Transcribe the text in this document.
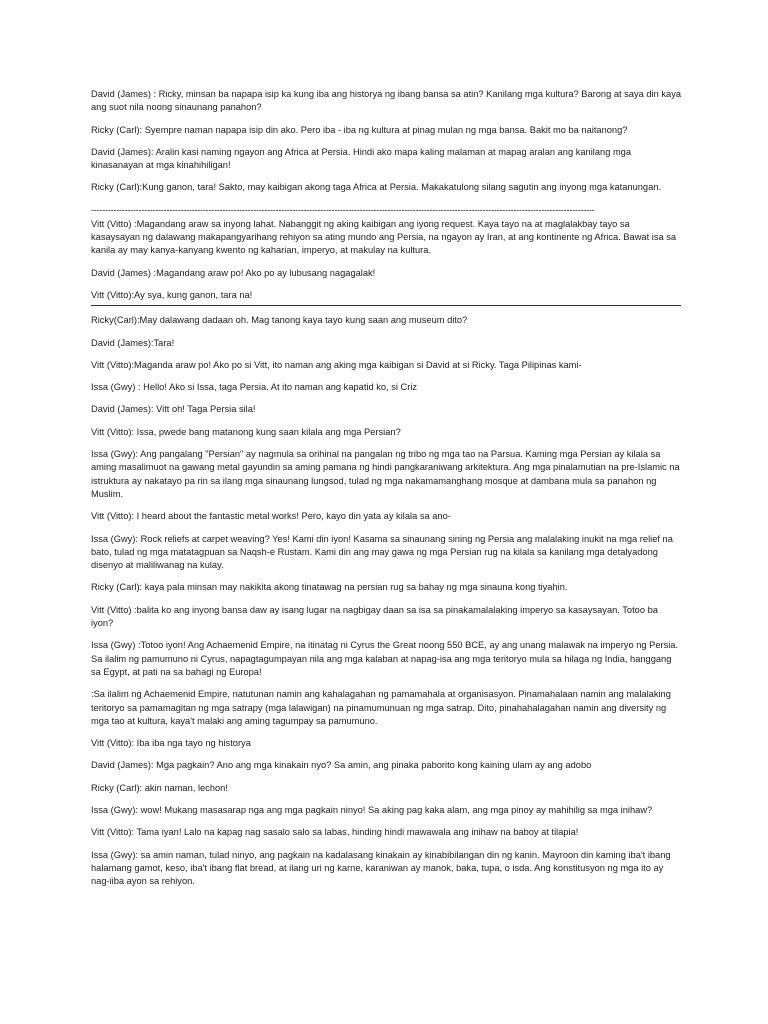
David (James) : Ricky, minsan ba napapa isip ka kung iba ang historya ng ibang bansa sa atin? Kanilang mga kultura? Barong at saya din kaya ang suot nila noong sinaunang panahon?

Ricky (Carl): Syempre naman napapa isip din ako. Pero iba - iba ng kultura at pinag mulan ng mga bansa. Bakit mo ba naitanong?

David (James): Aralin kasi naming ngayon ang Africa at Persia. Hindi ako mapa kaling malaman at mapag aralan ang kanilang mga kinasanayan at mga kinahihiligan!

Ricky (Carl):Kung ganon, tara! Sakto, may kaibigan akong taga Africa at Persia. Makakatulong silang sagutin ang inyong mga katanungan.

------------------------------------------------------------------------------------------------------------------------------------------------------------------------------------

Vitt (Vitto) :Magandang araw sa inyong lahat. Nabanggit ng aking kaibigan ang iyong request. Kaya tayo na at maglalakbay tayo sa kasaysayan ng dalawang makapangyarihang rehiyon sa ating mundo ang Persia, na ngayon ay Iran, at ang kontinente ng Africa. Bawat isa sa kanila ay may kanya-kanyang kwento ng kaharian, imperyo, at makulay na kultura.

David (James) :Magandang araw po! Ako po ay lubusang nagagalak!

Vitt (Vitto):Ay sya, kung ganon, tara na!

Ricky(Carl):May dalawang dadaan oh. Mag tanong kaya tayo kung saan ang museum dito?

David (James):Tara!

Vitt (Vitto):Maganda araw po! Ako po si Vitt, ito naman ang aking mga kaibigan si David at si Ricky. Taga Pilipinas kami-

Issa (Gwy) : Hello! Ako si Issa, taga Persia. At ito naman ang kapatid ko, si Criz

David (James): Vitt oh! Taga Persia sila!

Vitt (Vitto): Issa, pwede bang matanong kung saan kilala ang mga Persian?

Issa (Gwy): Ang pangalang "Persian" ay nagmula sa orihinal na pangalan ng tribo ng mga tao na Parsua. Kaming mga Persian ay kilala sa aming masalimuot na gawang metal gayundin sa aming pamana ng hindi pangkaraniwang arkitektura. Ang mga pinalamutian na pre-Islamic na istruktura ay nakatayo pa rin sa ilang mga sinaunang lungsod, tulad ng mga nakamamanghang mosque at dambana mula sa panahon ng Muslim.

Vitt (Vitto): I heard about the fantastic metal works! Pero, kayo din yata ay kilala sa ano-

Issa (Gwy): Rock reliefs at carpet weaving? Yes! Kami din iyon! Kasama sa sinaunang sining ng Persia ang malalaking inukit na mga relief na bato, tulad ng mga matatagpuan sa Naqsh-e Rustam. Kami din ang may gawa ng mga Persian rug na kilala sa kanilang mga detalyadong disenyo at maliliwanag na kulay.

Ricky (Carl): kaya pala minsan may nakikita akong tinatawag na persian rug sa bahay ng mga sinauna kong tiyahin.

Vitt (Vitto) :balita ko ang inyong bansa daw ay isang lugar na nagbigay daan sa isa sa pinakamalalaking imperyo sa kasaysayan. Totoo ba iyon?

Issa (Gwy) :Totoo iyon! Ang Achaemenid Empire, na itinatag ni Cyrus the Great noong 550 BCE, ay ang unang malawak na imperyo ng Persia. Sa ilalim ng pamumuno ni Cyrus, napagtagumpayan nila ang mga kalaban at napag-isa ang mga teritoryo mula sa hilaga ng India, hanggang sa Egypt, at pati na sa bahagi ng Europa!

:Sa ilalim ng Achaemenid Empire, natutunan namin ang kahalagahan ng pamamahala at organisasyon. Pinamahalaan namin ang malalaking teritoryo sa pamamagitan ng mga satrapy (mga lalawigan) na pinamumunuan ng mga satrap. Dito, pinahahalagahan namin ang diversity ng mga tao at kultura, kaya't malaki ang aming tagumpay sa pamumuno.

Vitt (Vitto): Iba iba nga tayo ng historya

David (James): Mga pagkain? Ano ang mga kinakain nyo? Sa amin, ang pinaka paborito kong kaining ulam ay ang adobo

Ricky (Carl): akin naman, lechon!

Issa (Gwy): wow! Mukang masasarap nga ang mga pagkain ninyo! Sa aking pag kaka alam, ang mga pinoy ay mahihilig sa mga inihaw?

Vitt (Vitto): Tama iyan! Lalo na kapag nag sasalo salo sa labas, hinding hindi mawawala ang inihaw na baboy at tilapia!

Issa (Gwy): sa amin naman, tulad ninyo, ang pagkain na kadalasang kinakain ay kinabibilangan din ng kanin. Mayroon din kaming iba't ibang halamang gamot, keso, iba't ibang flat bread, at ilang uri ng karne, karaniwan ay manok, baka, tupa, o isda. Ang konstitusyon ng mga ito ay nag-iiba ayon sa rehiyon.
